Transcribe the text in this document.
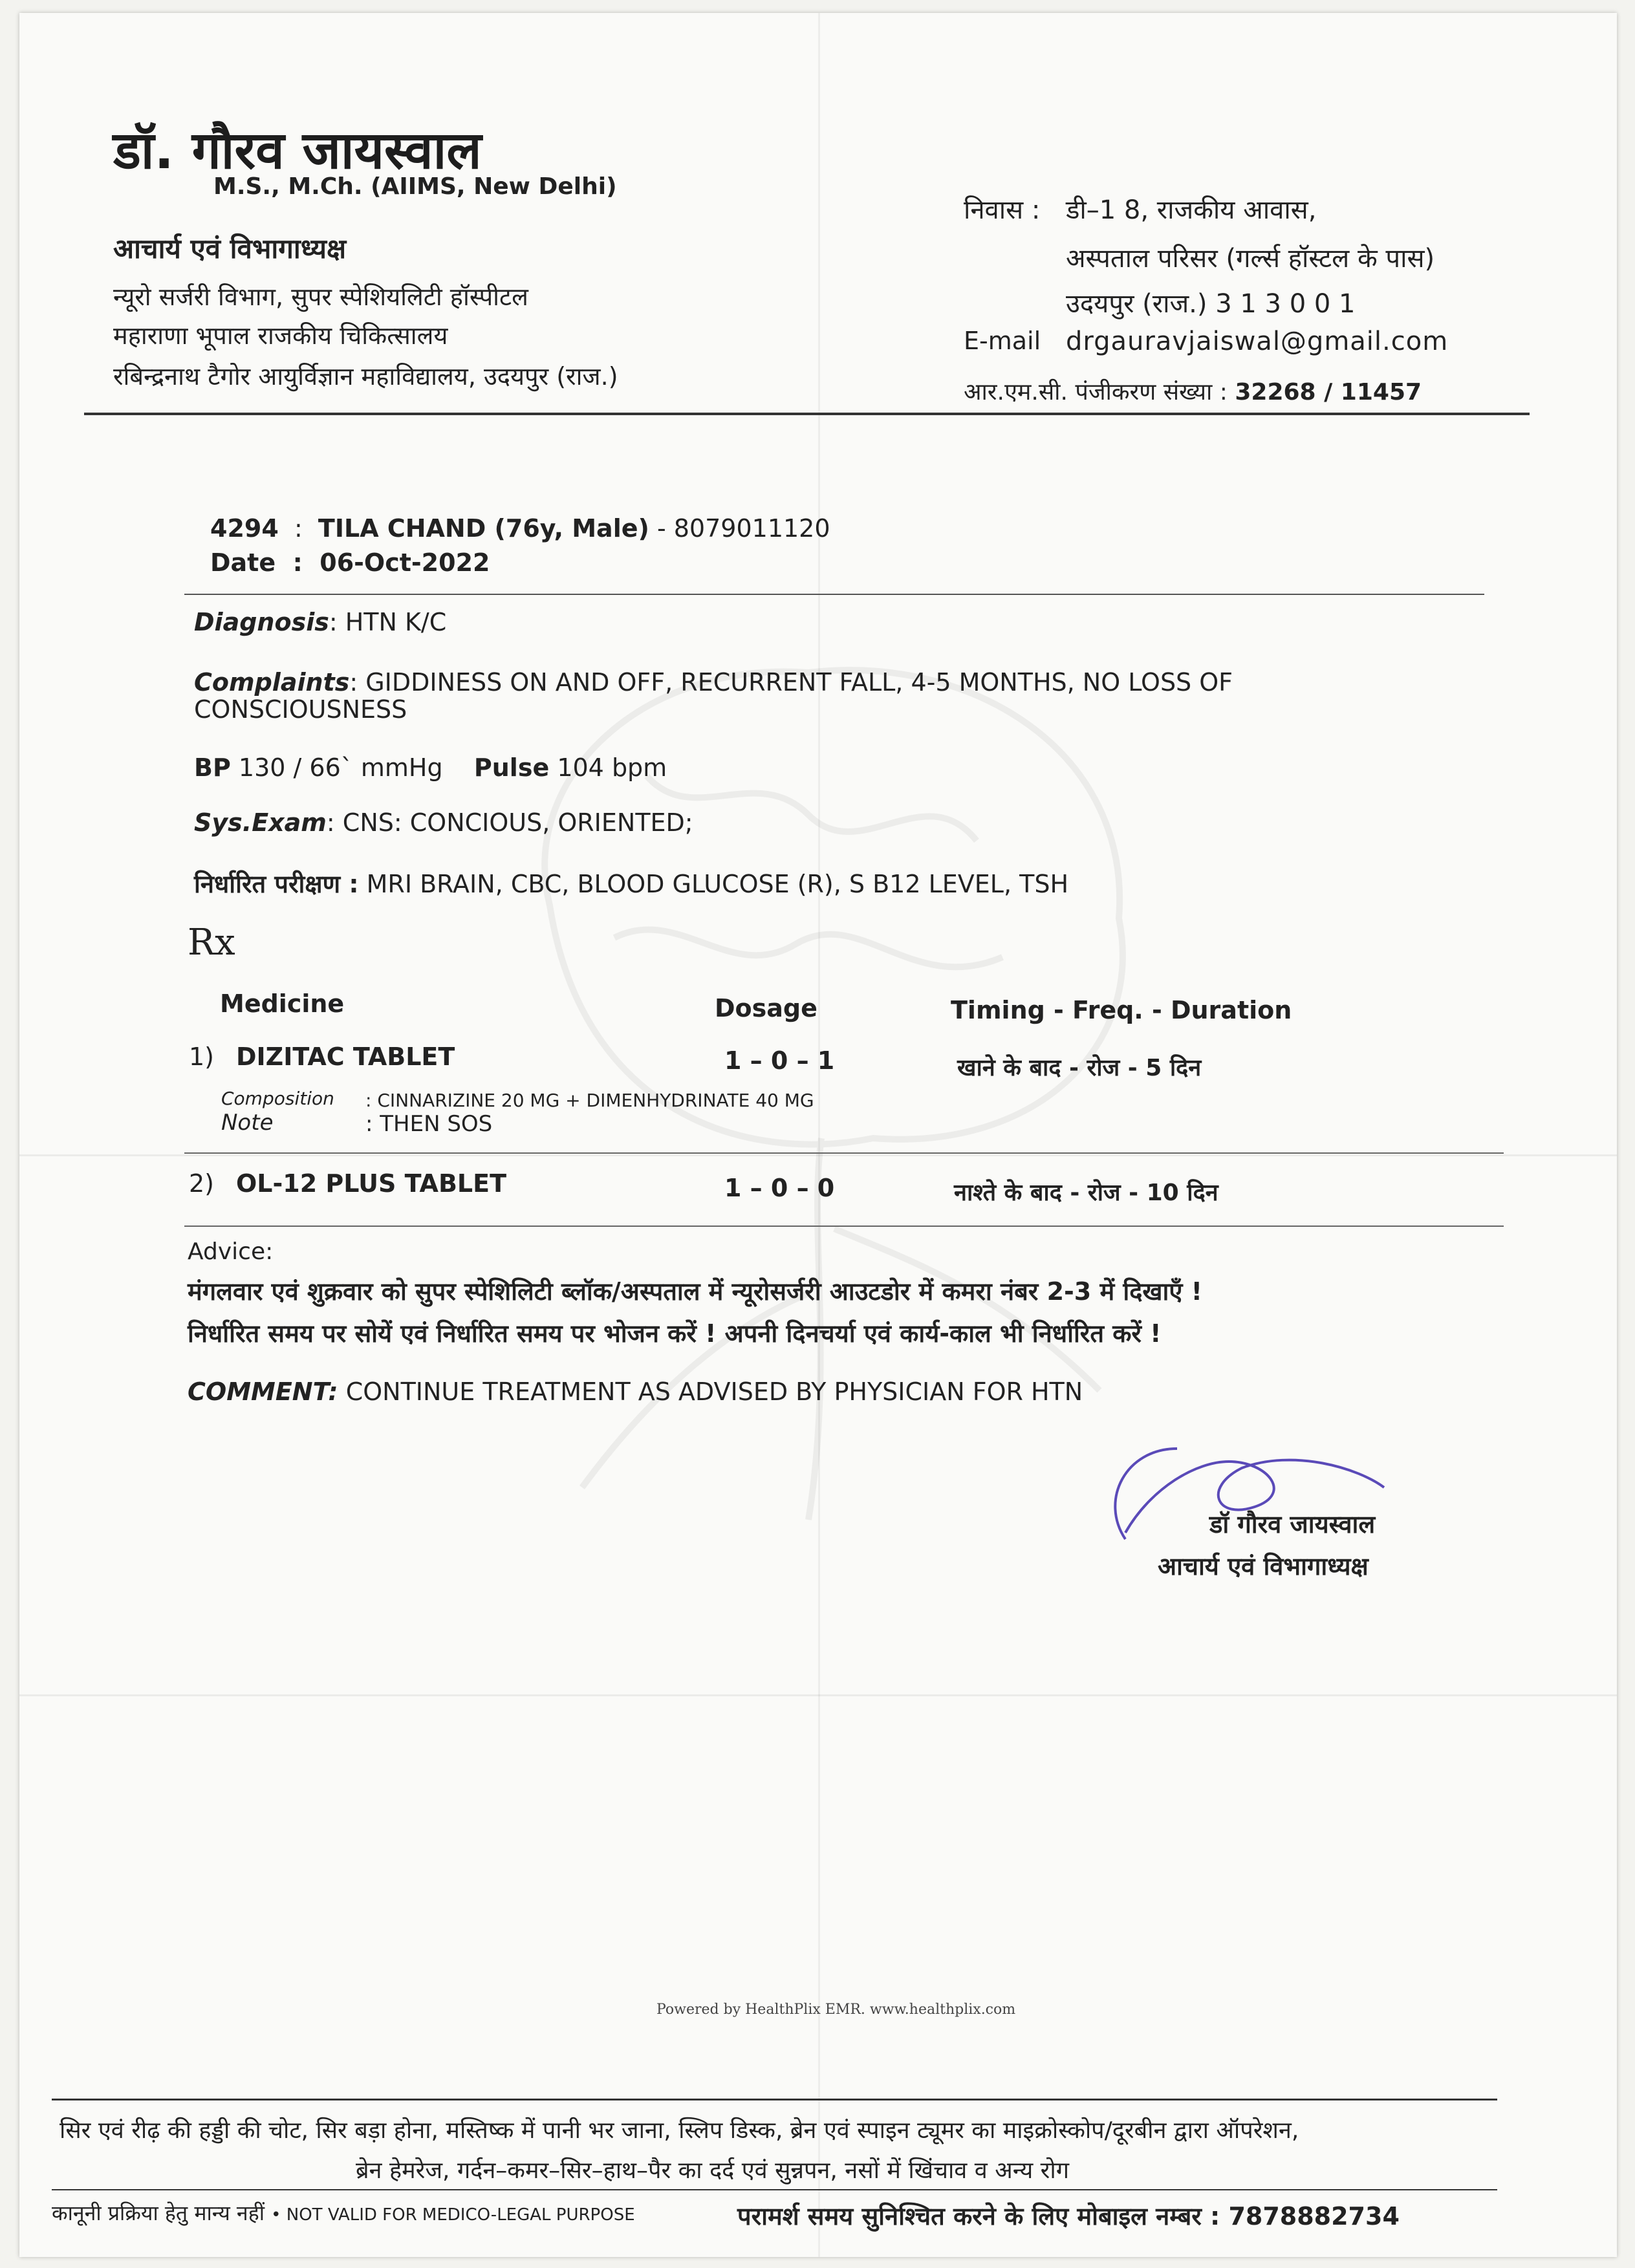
डॉ. गौरव जायस्वाल
M.S., M.Ch. (AIIMS, New Delhi)
आचार्य एवं विभागाध्यक्ष
न्यूरो सर्जरी विभाग, सुपर स्पेशियलिटी हॉस्पीटल
महाराणा भूपाल राजकीय चिकित्सालय
रबिन्द्रनाथ टैगोर आयुर्विज्ञान महाविद्यालय, उदयपुर (राज.)
निवास : डी–1 8, राजकीय आवास,
अस्पताल परिसर (गर्ल्स हॉस्टल के पास)
उदयपुर (राज.) 3 1 3 0 0 1
E-mail drgauravjaiswal@gmail.com
आर.एम.सी. पंजीकरण संख्या : 32268 / 11457
4294 : TILA CHAND (76y, Male) - 8079011120
Date : 06-Oct-2022
Diagnosis: HTN K/C
Complaints: GIDDINESS ON AND OFF, RECURRENT FALL, 4-5 MONTHS, NO LOSS OF
CONSCIOUSNESS
BP 130 / 66` mmHg Pulse 104 bpm
Sys.Exam: CNS: CONCIOUS, ORIENTED;
निर्धारित परीक्षण : MRI BRAIN, CBC, BLOOD GLUCOSE (R), S B12 LEVEL, TSH
Rx
Medicine	Dosage	Timing - Freq. - Duration
1) DIZITAC TABLET	1 – 0 – 1	खाने के बाद - रोज - 5 दिन
Composition : CINNARIZINE 20 MG + DIMENHYDRINATE 40 MG
Note	: THEN SOS
2) OL-12 PLUS TABLET	1 – 0 – 0	नाश्ते के बाद - रोज - 10 दिन
Advice:
मंगलवार एवं शुक्रवार को सुपर स्पेशिलिटी ब्लॉक/अस्पताल में न्यूरोसर्जरी आउटडोर में कमरा नंबर 2-3 में दिखाएँ !
निर्धारित समय पर सोयें एवं निर्धारित समय पर भोजन करें ! अपनी दिनचर्या एवं कार्य-काल भी निर्धारित करें !
COMMENT: CONTINUE TREATMENT AS ADVISED BY PHYSICIAN FOR HTN
डॉ गौरव जायस्वाल
आचार्य एवं विभागाध्यक्ष
Powered by HealthPlix EMR. www.healthplix.com
सिर एवं रीढ़ की हड्डी की चोट, सिर बड़ा होना, मस्तिष्क में पानी भर जाना, स्लिप डिस्क, ब्रेन एवं स्पाइन ट्यूमर का माइक्रोस्कोप/दूरबीन द्वारा ऑपरेशन,
ब्रेन हेमरेज, गर्दन–कमर–सिर–हाथ–पैर का दर्द एवं सुन्नपन, नसों में खिंचाव व अन्य रोग
कानूनी प्रक्रिया हेतु मान्य नहीं • NOT VALID FOR MEDICO-LEGAL PURPOSE	परामर्श समय सुनिश्चित करने के लिए मोबाइल नम्बर : 7878882734
